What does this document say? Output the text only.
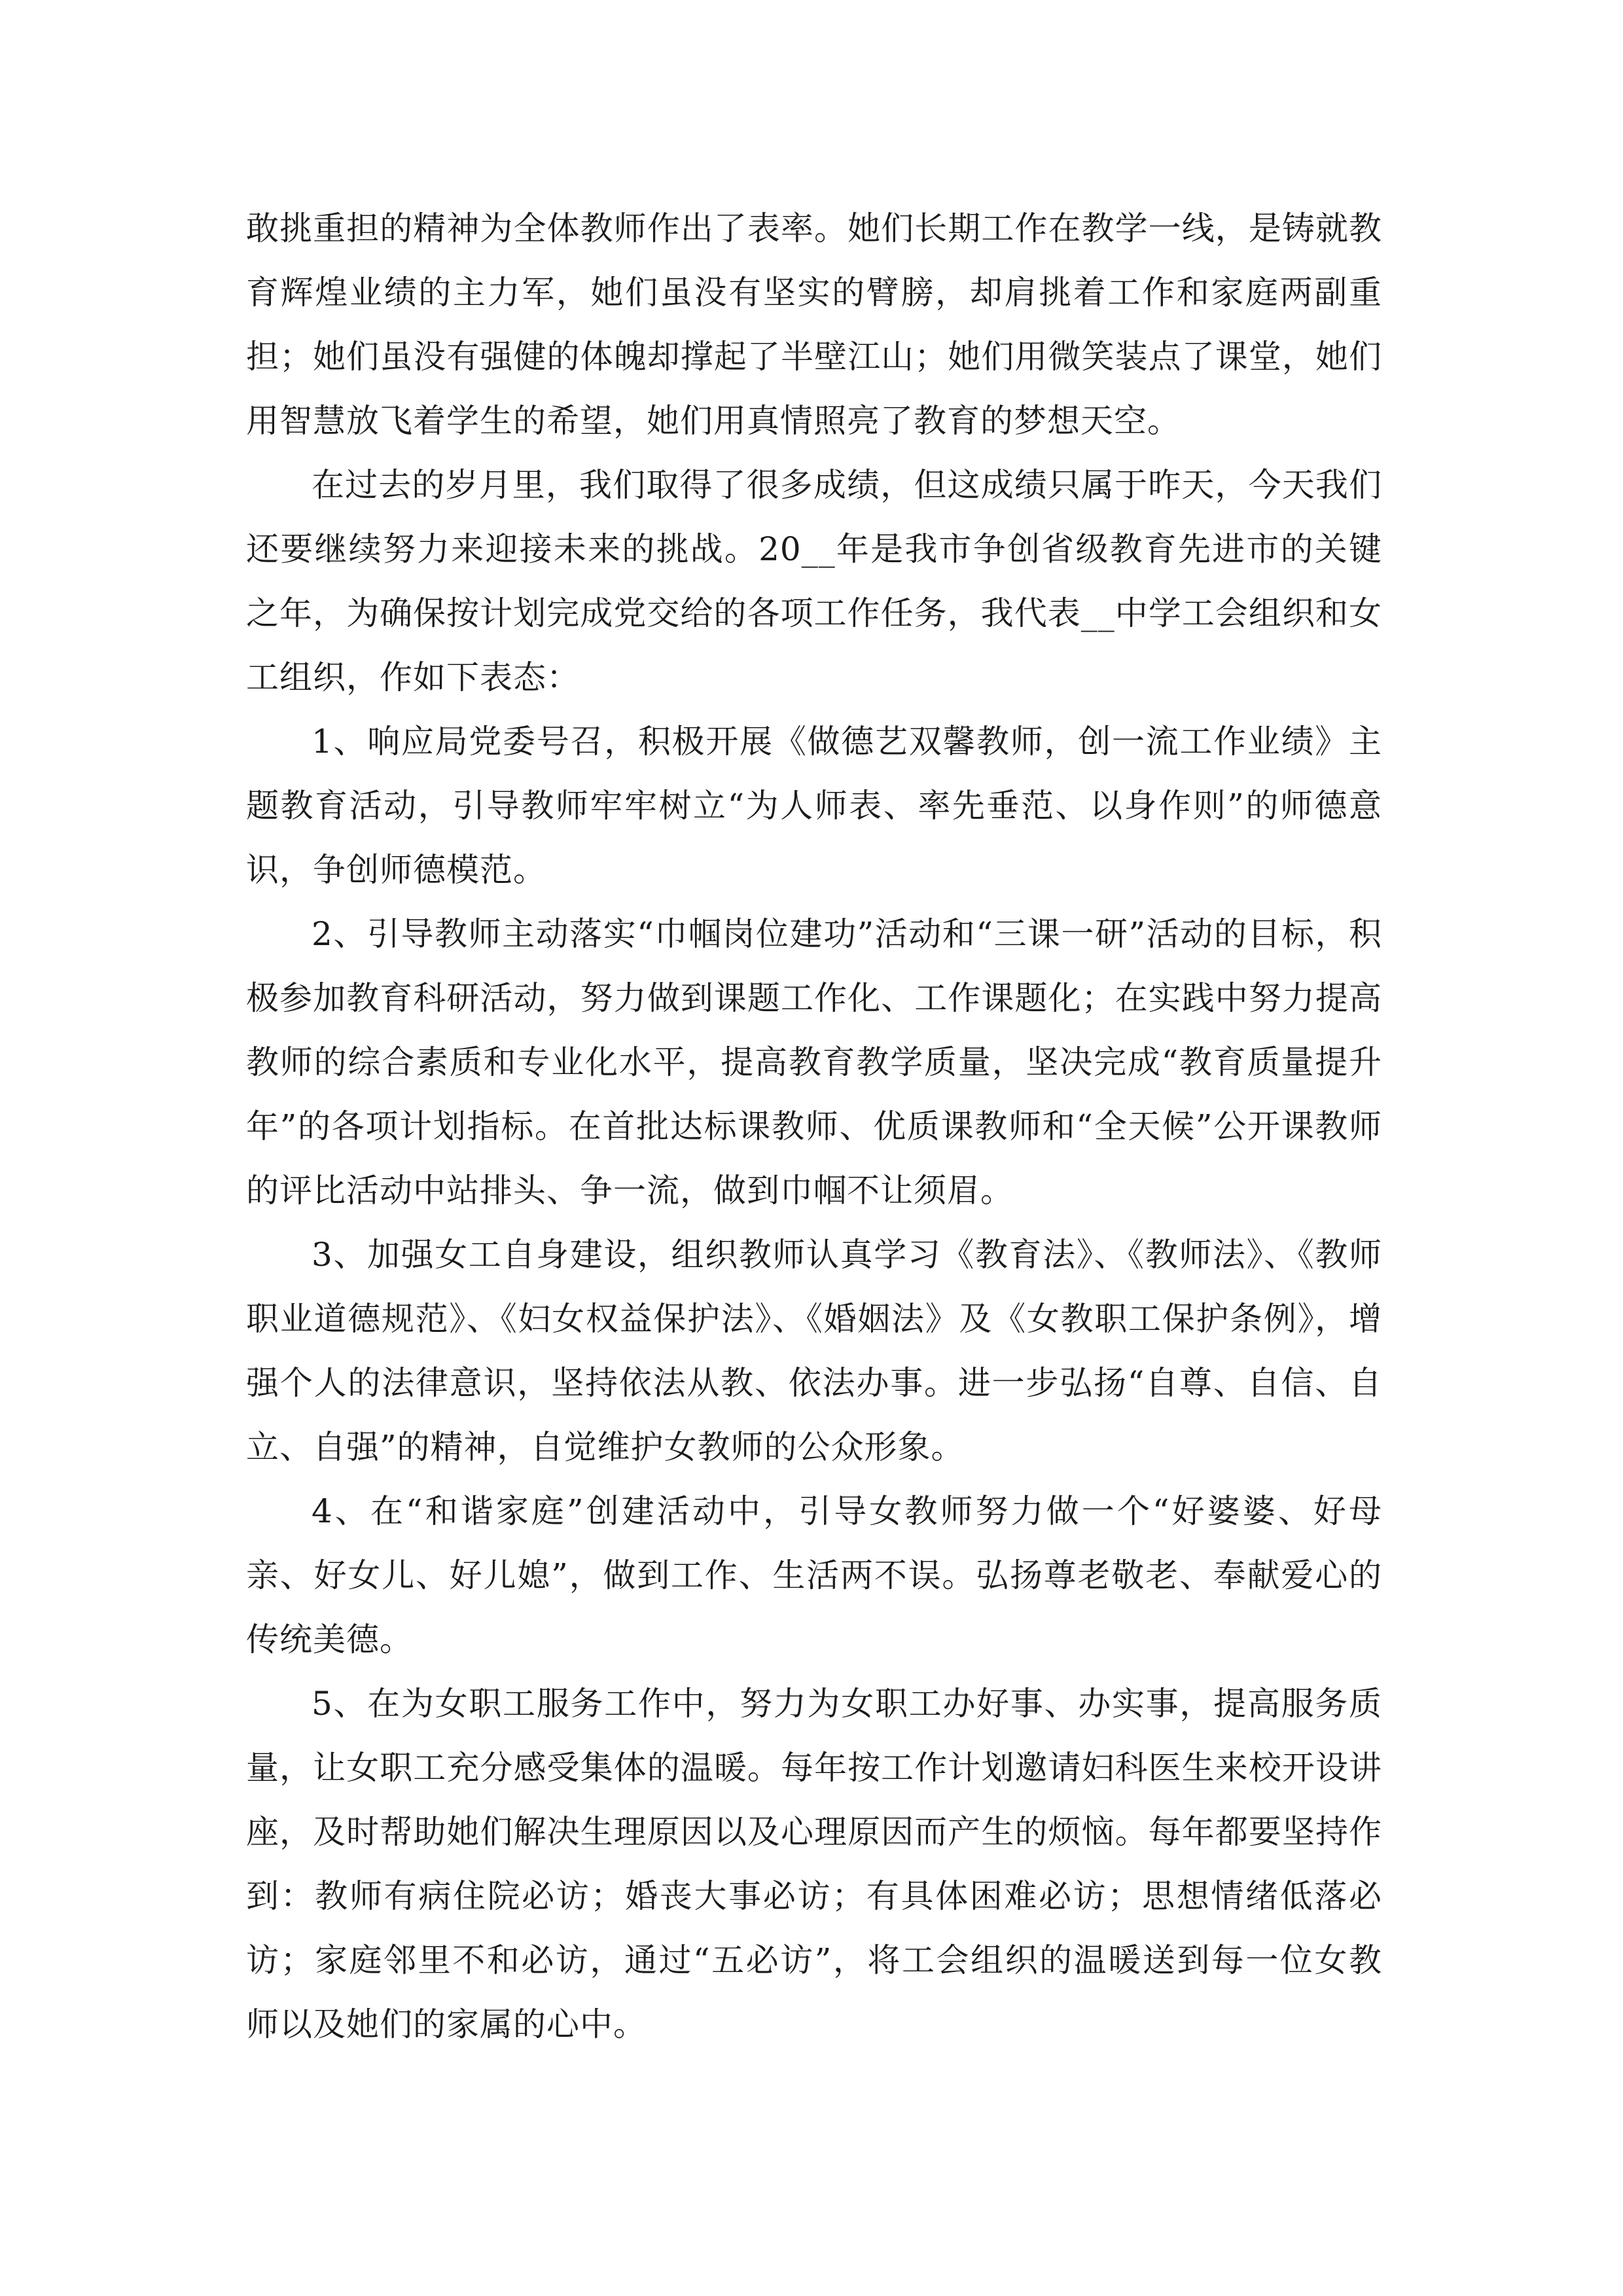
敢挑重担的精神为全体教师作出了表率。她们长期工作在教学一线，是铸就教育辉煌业绩的主力军，她们虽没有坚实的臂膀，却肩挑着工作和家庭两副重担；她们虽没有强健的体魄却撑起了半壁江山；她们用微笑装点了课堂，她们用智慧放飞着学生的希望，她们用真情照亮了教育的梦想天空。

在过去的岁月里，我们取得了很多成绩，但这成绩只属于昨天，今天我们还要继续努力来迎接未来的挑战。20__年是我市争创省级教育先进市的关键之年，为确保按计划完成党交给的各项工作任务，我代表__中学工会组织和女工组织，作如下表态：

1、响应局党委号召，积极开展《做德艺双馨教师，创一流工作业绩》主题教育活动，引导教师牢牢树立“为人师表、率先垂范、以身作则”的师德意识，争创师德模范。

2、引导教师主动落实“巾帼岗位建功”活动和“三课一研”活动的目标，积极参加教育科研活动，努力做到课题工作化、工作课题化；在实践中努力提高教师的综合素质和专业化水平，提高教育教学质量，坚决完成“教育质量提升年”的各项计划指标。在首批达标课教师、优质课教师和“全天候”公开课教师的评比活动中站排头、争一流，做到巾帼不让须眉。

3、加强女工自身建设，组织教师认真学习《教育法》、《教师法》、《教师职业道德规范》、《妇女权益保护法》、《婚姻法》及《女教职工保护条例》，增强个人的法律意识，坚持依法从教、依法办事。进一步弘扬“自尊、自信、自立、自强”的精神，自觉维护女教师的公众形象。

4、在“和谐家庭”创建活动中，引导女教师努力做一个“好婆婆、好母亲、好女儿、好儿媳”，做到工作、生活两不误。弘扬尊老敬老、奉献爱心的传统美德。

5、在为女职工服务工作中，努力为女职工办好事、办实事，提高服务质量，让女职工充分感受集体的温暖。每年按工作计划邀请妇科医生来校开设讲座，及时帮助她们解决生理原因以及心理原因而产生的烦恼。每年都要坚持作到：教师有病住院必访；婚丧大事必访；有具体困难必访；思想情绪低落必访；家庭邻里不和必访，通过“五必访”，将工会组织的温暖送到每一位女教师以及她们的家属的心中。
